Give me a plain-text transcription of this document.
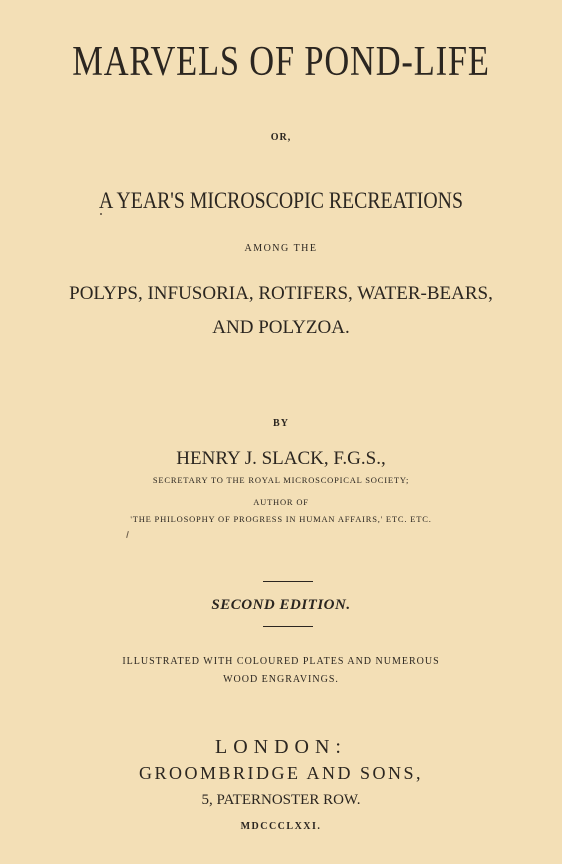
MARVELS OF POND-LIFE
OR,
A YEAR'S MICROSCOPIC RECREATIONS
AMONG THE
POLYPS, INFUSORIA, ROTIFERS, WATER-BEARS,
AND POLYZOA.
BY
HENRY J. SLACK, F.G.S.,
SECRETARY TO THE ROYAL MICROSCOPICAL SOCIETY;
AUTHOR OF
'THE PHILOSOPHY OF PROGRESS IN HUMAN AFFAIRS,' ETC. ETC.
SECOND EDITION.
ILLUSTRATED WITH COLOURED PLATES AND NUMEROUS
WOOD ENGRAVINGS.
LONDON:
GROOMBRIDGE AND SONS,
5, PATERNOSTER ROW.
MDCCCLXXI.
